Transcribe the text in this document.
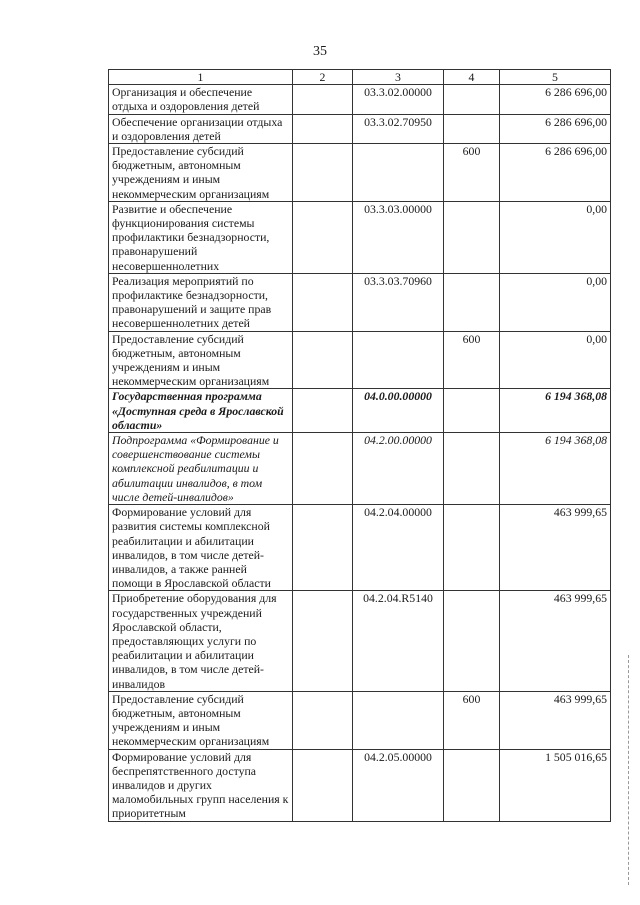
35
1	2	3	4	5
Организация и обеспечение отдыха и оздоровления детей		03.3.02.00000		6 286 696,00
Обеспечение организации отдыха и оздоровления детей		03.3.02.70950		6 286 696,00
Предоставление субсидий бюджетным, автономным учреждениям и иным некоммерческим организациям			600	6 286 696,00
Развитие и обеспечение функционирования системы профилактики безнадзорности, правонарушений несовершеннолетних		03.3.03.00000		0,00
Реализация мероприятий по профилактике безнадзорности, правонарушений и защите прав несовершеннолетних детей		03.3.03.70960		0,00
Предоставление субсидий бюджетным, автономным учреждениям и иным некоммерческим организациям			600	0,00
Государственная программа «Доступная среда в Ярославской области»		04.0.00.00000		6 194 368,08
Подпрограмма «Формирование и совершенствование системы комплексной реабилитации и абилитации инвалидов, в том числе детей-инвалидов»		04.2.00.00000		6 194 368,08
Формирование условий для развития системы комплексной реабилитации и абилитации инвалидов, в том числе детей-инвалидов, а также ранней помощи в Ярославской области		04.2.04.00000		463 999,65
Приобретение оборудования для государственных учреждений Ярославской области, предоставляющих услуги по реабилитации и абилитации инвалидов, в том числе детей-инвалидов		04.2.04.R5140		463 999,65
Предоставление субсидий бюджетным, автономным учреждениям и иным некоммерческим организациям			600	463 999,65
Формирование условий для беспрепятственного доступа инвалидов и других маломобильных групп населения к приоритетным		04.2.05.00000		1 505 016,65
